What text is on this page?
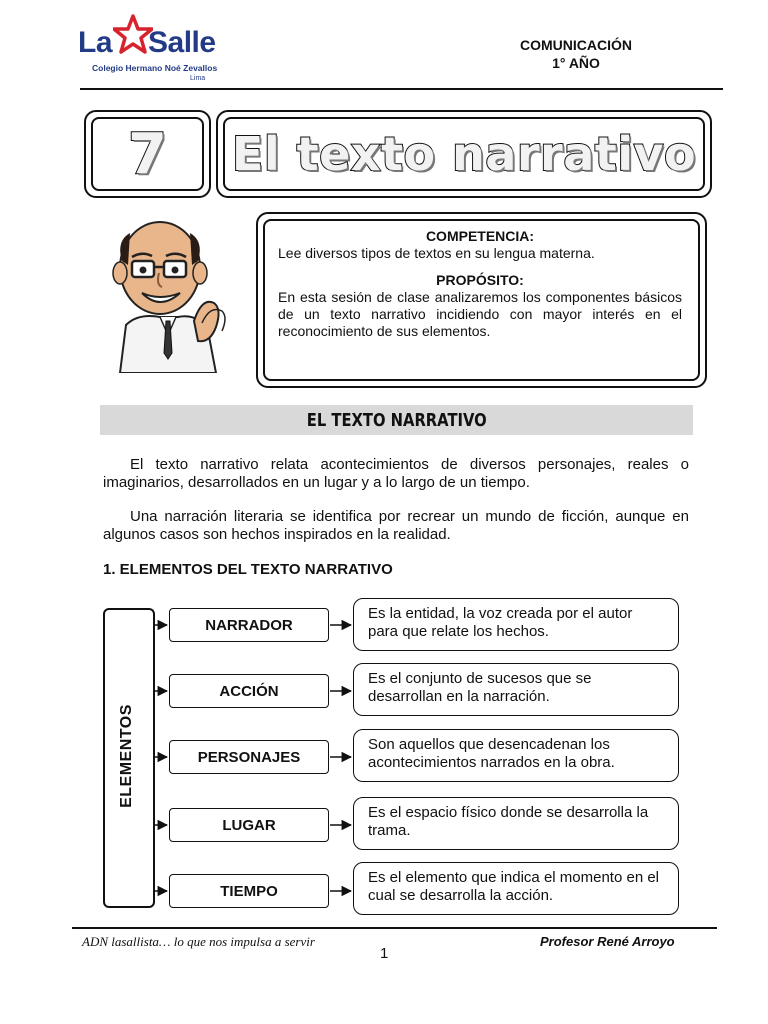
La Salle
Colegio Hermano Noé Zevallos
Lima
COMUNICACIÓN
1° AÑO
7	El texto narrativo
COMPETENCIA:
Lee diversos tipos de textos en su lengua materna.
PROPÓSITO:
En esta sesión de clase analizaremos los componentes básicos de un texto narrativo incidiendo con mayor interés en el reconocimiento de sus elementos.
EL TEXTO NARRATIVO
El texto narrativo relata acontecimientos de diversos personajes, reales o imaginarios, desarrollados en un lugar y a lo largo de un tiempo.
Una narración literaria se identifica por recrear un mundo de ficción, aunque en algunos casos son hechos inspirados en la realidad.
1. ELEMENTOS DEL TEXTO NARRATIVO
ELEMENTOS
NARRADOR
Es la entidad, la voz creada por el autor para que relate los hechos.
ACCIÓN
Es el conjunto de sucesos que se desarrollan en la narración.
PERSONAJES
Son aquellos que desencadenan los acontecimientos narrados en la obra.
LUGAR
Es el espacio físico donde se desarrolla la trama.
TIEMPO
Es el elemento que indica el momento en el cual se desarrolla la acción.
ADN lasallista… lo que nos impulsa a servir	Profesor René Arroyo
1
